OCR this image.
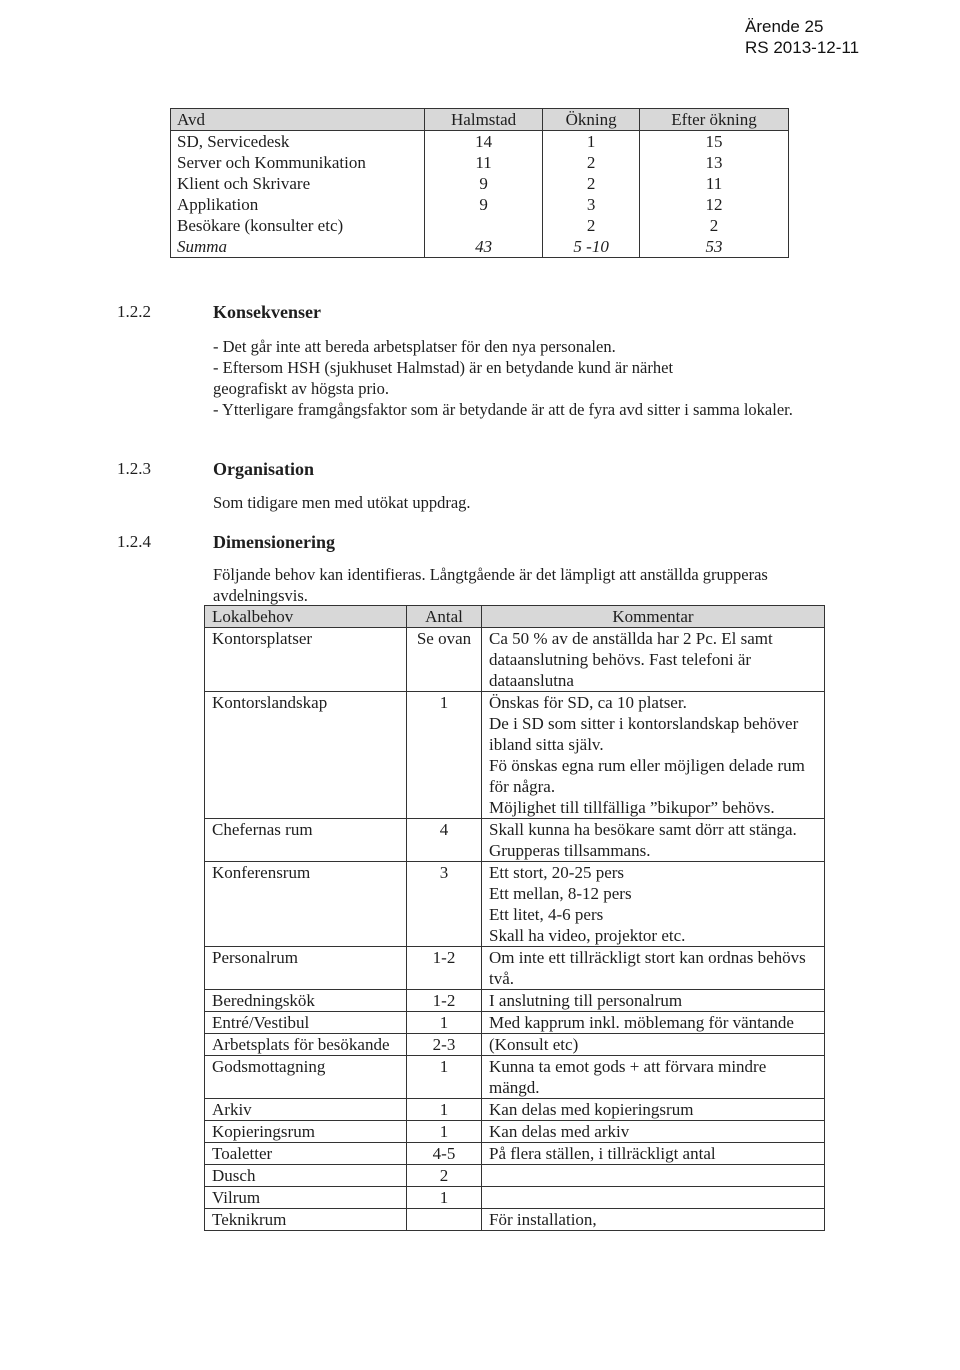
Ärende 25
RS 2013-12-11
Avd	Halmstad	Ökning	Efter ökning
SD, Servicedesk	14	1	15
Server och Kommunikation	11	2	13
Klient och Skrivare	9	2	11
Applikation	9	3	12
Besökare (konsulter etc)		2	2
Summa	43	5 -10	53
1.2.2	Konsekvenser

- Det går inte att bereda arbetsplatser för den nya personalen.

- Eftersom HSH (sjukhuset Halmstad) är en betydande kund är närhet geografiskt av högsta prio.

- Ytterligare framgångsfaktor som är betydande är att de fyra avd sitter i samma lokaler.

1.2.3	Organisation

Som tidigare men med utökat uppdrag.

1.2.4	Dimensionering

Följande behov kan identifieras. Långtgående är det lämpligt att anställda grupperas avdelningsvis.

Lokalbehov	Antal	Kommentar
Kontorsplatser	Se ovan	Ca 50 % av de anställda har 2 Pc. El samt dataanslutning behövs. Fast telefoni är dataanslutna

Kontorslandskap	1	Önskas för SD, ca 10 platser.
De i SD som sitter i kontorslandskap behöver ibland sitta själv.
Fö önskas egna rum eller möjligen delade rum för några.
Möjlighet till tillfälliga ”bikupor” behövs.

Chefernas rum	4	Skall kunna ha besökare samt dörr att stänga. Grupperas tillsammans.

Konferensrum	3	Ett stort, 20-25 pers
Ett mellan, 8-12 pers
Ett litet, 4-6 pers
Skall ha video, projektor etc.

Personalrum	1-2	Om inte ett tillräckligt stort kan ordnas behövs två.

Beredningskök	1-2	I anslutning till personalrum

Entré/Vestibul	1	Med kapprum inkl. möblemang för väntande

Arbetsplats för besökande	2-3	(Konsult etc)

Godsmottagning	1	Kunna ta emot gods + att förvara mindre mängd.

Arkiv	1	Kan delas med kopieringsrum

Kopieringsrum	1	Kan delas med arkiv

Toaletter	4-5	På flera ställen, i tillräckligt antal

Dusch	2	

Vilrum	1	

Teknikrum		För installation,
